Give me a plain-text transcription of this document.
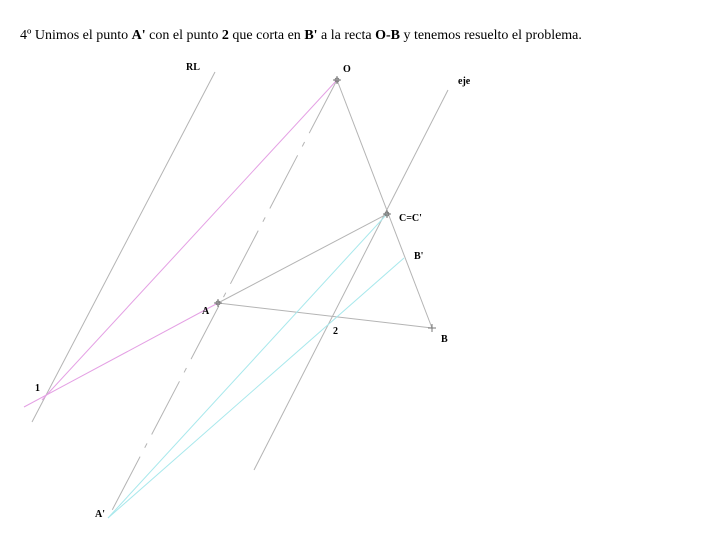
4º Unimos el punto A' con el punto 2 que corta en B' a la recta O-B y tenemos resuelto el problema.

RL	O
eje
C=C'
B'
A
2
B
1
A'
